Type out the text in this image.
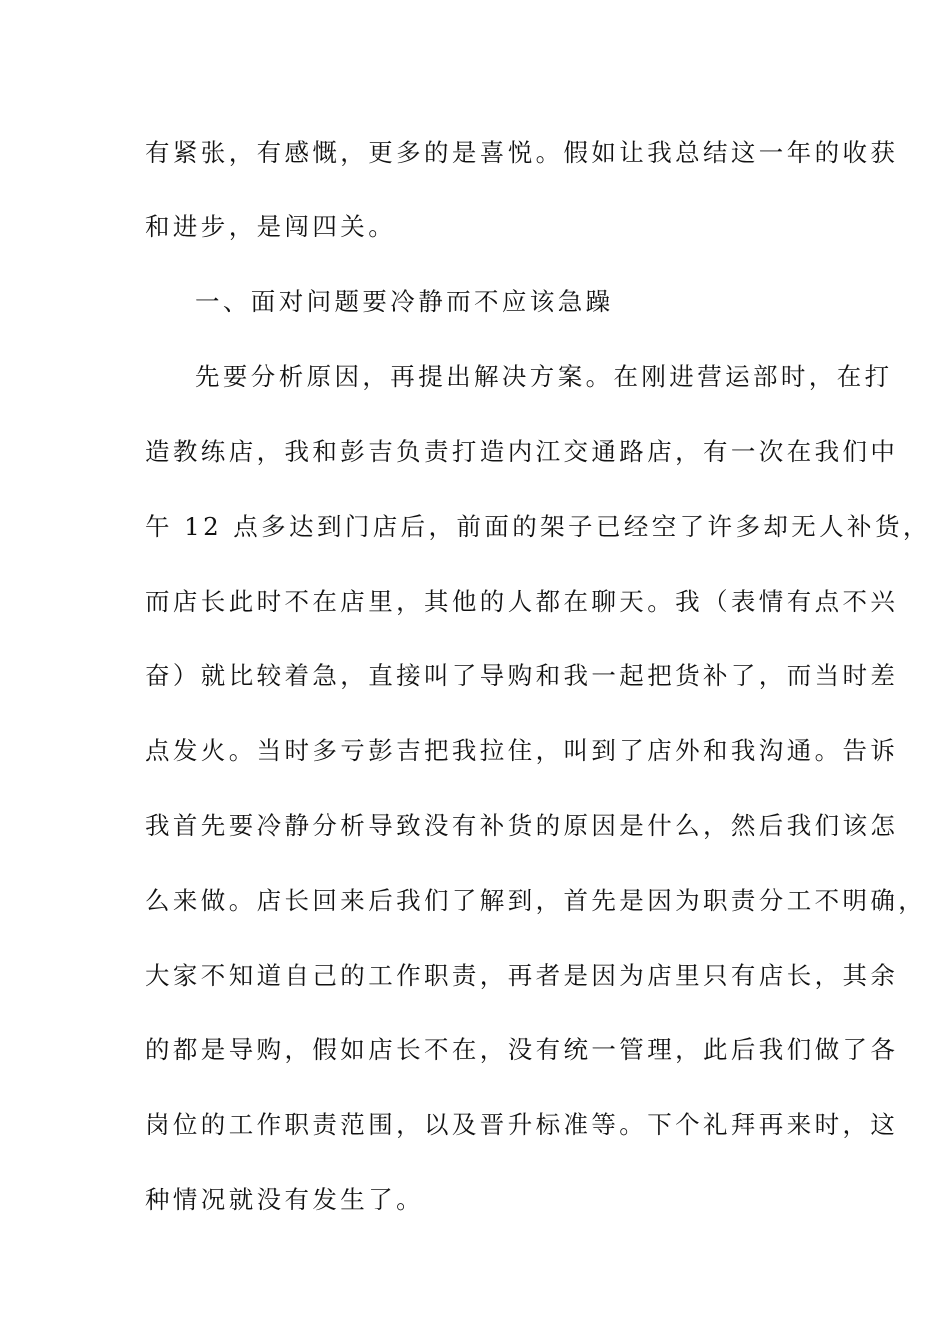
有紧张，有感慨，更多的是喜悦。假如让我总结这一年的收获
和进步，是闯四关。
一、面对问题要冷静而不应该急躁
先要分析原因，再提出解决方案。在刚进营运部时，在打
造教练店，我和彭吉负责打造内江交通路店，有一次在我们中
午 12 点多达到门店后，前面的架子已经空了许多却无人补货，
而店长此时不在店里，其他的人都在聊天。我（表情有点不兴
奋）就比较着急，直接叫了导购和我一起把货补了，而当时差
点发火。当时多亏彭吉把我拉住，叫到了店外和我沟通。告诉
我首先要冷静分析导致没有补货的原因是什么，然后我们该怎
么来做。店长回来后我们了解到，首先是因为职责分工不明确，
大家不知道自己的工作职责，再者是因为店里只有店长，其余
的都是导购，假如店长不在，没有统一管理，此后我们做了各
岗位的工作职责范围，以及晋升标准等。下个礼拜再来时，这
种情况就没有发生了。
